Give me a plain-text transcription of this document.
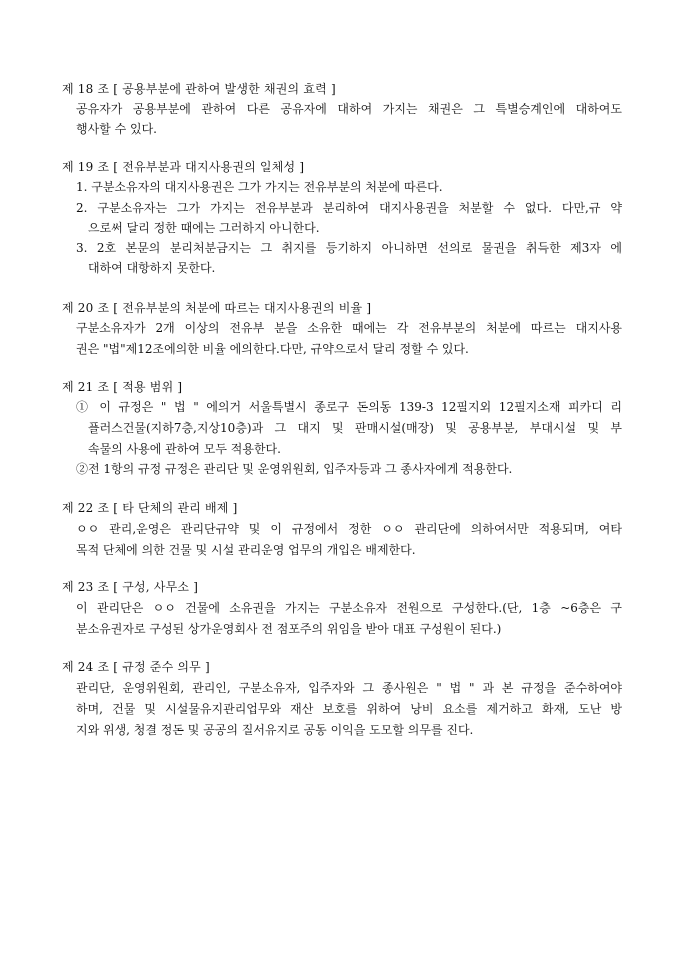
제 18 조 [ 공용부분에 관하여 발생한 채권의 효력 ]
공유자가 공용부분에 관하여 다른 공유자에 대하여 가지는 채권은 그 특별승계인에 대하여도
행사할 수 있다.
제 19 조 [ 전유부분과 대지사용권의 일체성 ]
1. 구분소유자의 대지사용권은 그가 가지는 전유부분의 처분에 따른다.
2. 구분소유자는 그가 가지는 전유부분과 분리하여 대지사용권을 처분할 수 없다. 다만,규 약
으로써 달리 정한 때에는 그러하지 아니한다.
3. 2호 본문의 분리처분금지는 그 취지를 등기하지 아니하면 선의로 물권을 취득한 제3자 에
대하여 대항하지 못한다.
제 20 조 [ 전유부분의 처분에 따르는 대지사용권의 비율 ]
구분소유자가 2개 이상의 전유부 분을 소유한 때에는 각 전유부분의 처분에 따르는 대지사용
권은 "법"제12조에의한 비율 에의한다.다만, 규약으로서 달리 정할 수 있다.
제 21 조 [ 적용 범위 ]
① 이 규정은 " 법 " 에의거 서울특별시 종로구 돈의동 139-3 12필지외 12필지소재 피카디 리
플러스건물(지하7층,지상10층)과 그 대지 및 판매시설(매장) 및 공용부분, 부대시설 및 부
속물의 사용에 관하여 모두 적용한다.
②전 1항의 규정 규정은 관리단 및 운영위원회, 입주자등과 그 종사자에게 적용한다.
제 22 조 [ 타 단체의 관리 배제 ]
ㅇㅇ 관리,운영은 관리단규약 및 이 규정에서 정한 ㅇㅇ 관리단에 의하여서만 적용되며, 여타
목적 단체에 의한 건물 및 시설 관리운영 업무의 개입은 배제한다.
제 23 조 [ 구성, 사무소 ]
이 관리단은 ㅇㅇ 건물에 소유권을 가지는 구분소유자 전원으로 구성한다.(단, 1층 ~6층은 구
분소유권자로 구성된 상가운영회사 전 점포주의 위임을 받아 대표 구성원이 된다.)
제 24 조 [ 규정 준수 의무 ]
관리단, 운영위원회, 관리인, 구분소유자, 입주자와 그 종사원은 " 법 " 과 본 규정을 준수하여야
하며, 건물 및 시설물유지관리업무와 재산 보호를 위하여 낭비 요소를 제거하고 화재, 도난 방
지와 위생, 청결 정돈 및 공공의 질서유지로 공동 이익을 도모할 의무를 진다.
